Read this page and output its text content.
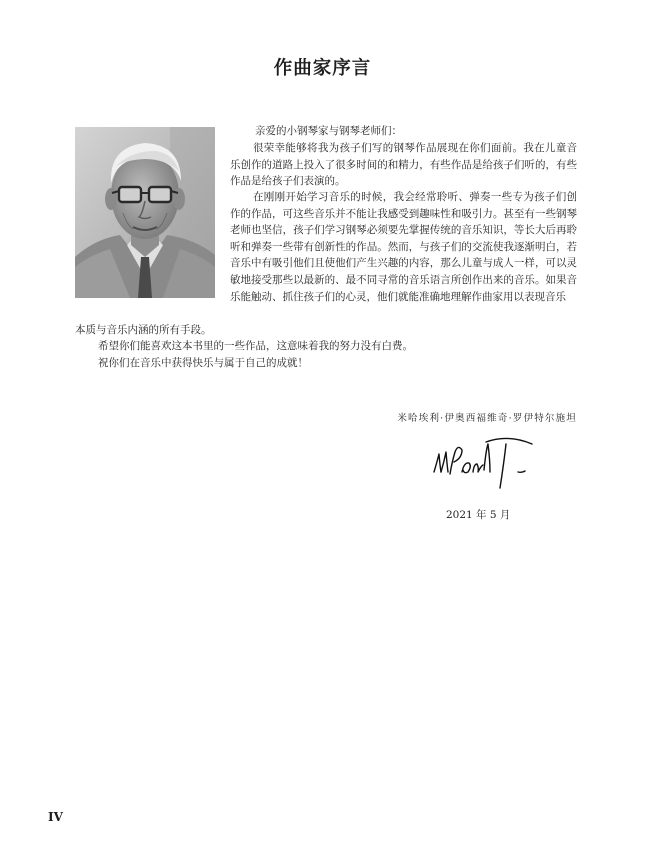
作曲家序言

亲爱的小钢琴家与钢琴老师们：

很荣幸能够将我为孩子们写的钢琴作品展现在你们面前。我在儿童音乐创作的道路上投入了很多时间的和精力，有些作品是给孩子们听的，有些作品是给孩子们表演的。

在刚刚开始学习音乐的时候，我会经常聆听、弹奏一些专为孩子们创作的作品，可这些音乐并不能让我感受到趣味性和吸引力。甚至有一些钢琴老师也坚信，孩子们学习钢琴必须要先掌握传统的音乐知识，等长大后再聆听和弹奏一些带有创新性的作品。然而，与孩子们的交流使我逐渐明白，若音乐中有吸引他们且使他们产生兴趣的内容，那么儿童与成人一样，可以灵敏地接受那些以最新的、最不同寻常的音乐语言所创作出来的音乐。如果音乐能触动、抓住孩子们的心灵，他们就能准确地理解作曲家用以表现音乐

本质与音乐内涵的所有手段。

希望你们能喜欢这本书里的一些作品，这意味着我的努力没有白费。

祝你们在音乐中获得快乐与属于自己的成就！

米哈埃利·伊奥西福维奇·罗伊特尔施坦
2021 年 5 月
IV
